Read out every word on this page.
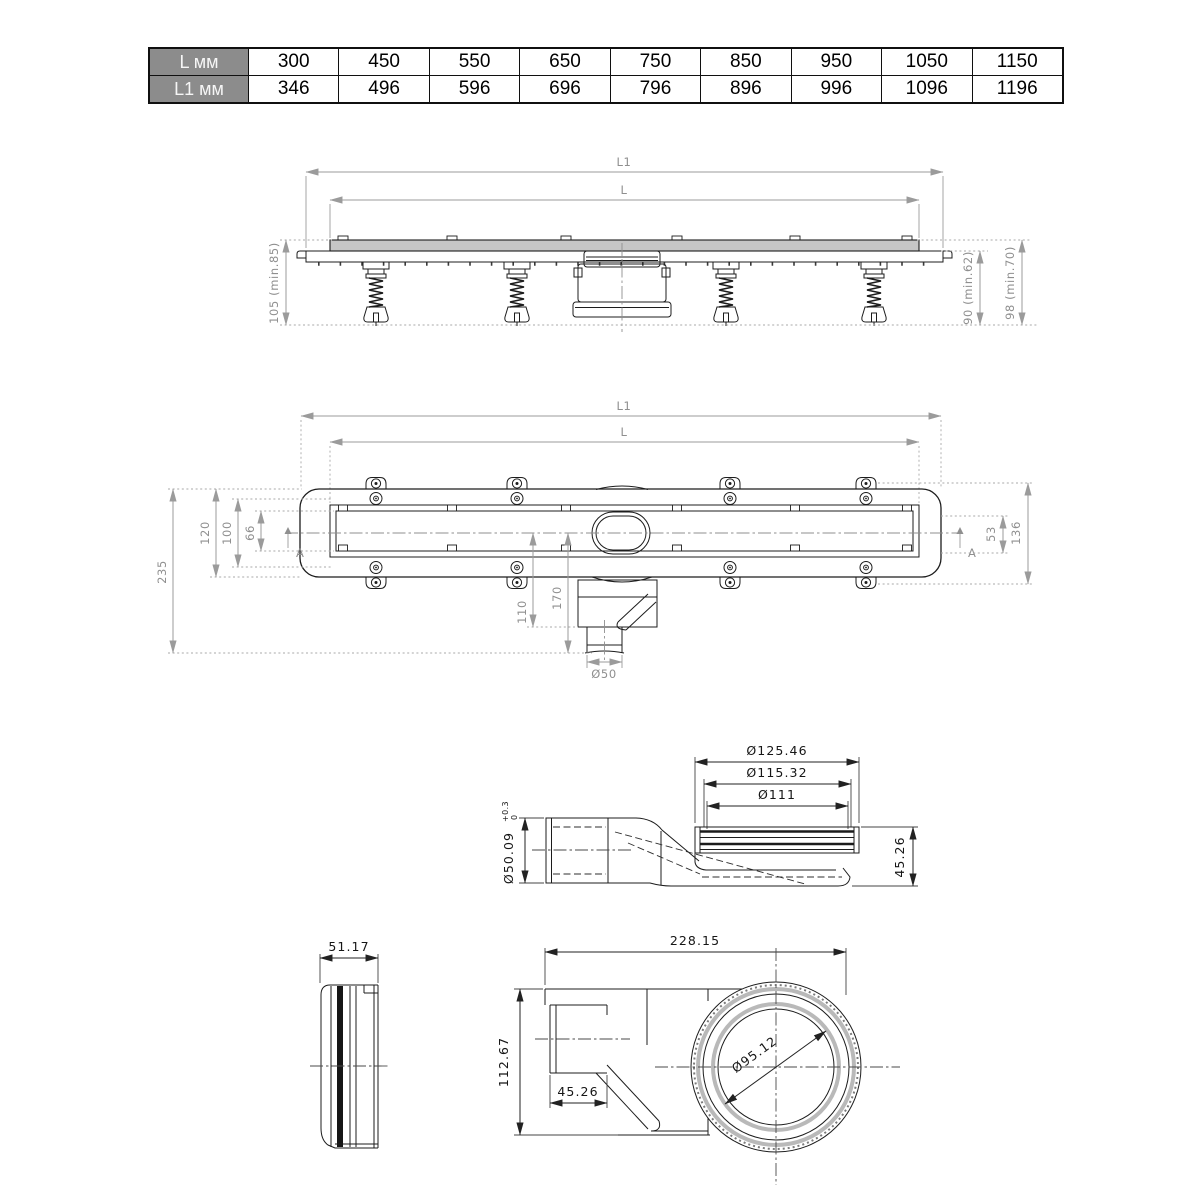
L мм	300	450	550	650	750	850	950	1050	1150
L1 мм	346	496	596	696	796	896	996	1096	1196
L1
L
105 (min.85)	90 (min.62) 98 (min.70)
L1
L
A	A
235
120 100 66	53 136
110
170
Ø50
Ø125.46
Ø115.32
Ø111
45.26
Ø50.09
+0.3 0
51.17	228.15
112.67
45.26
Ø95.12
